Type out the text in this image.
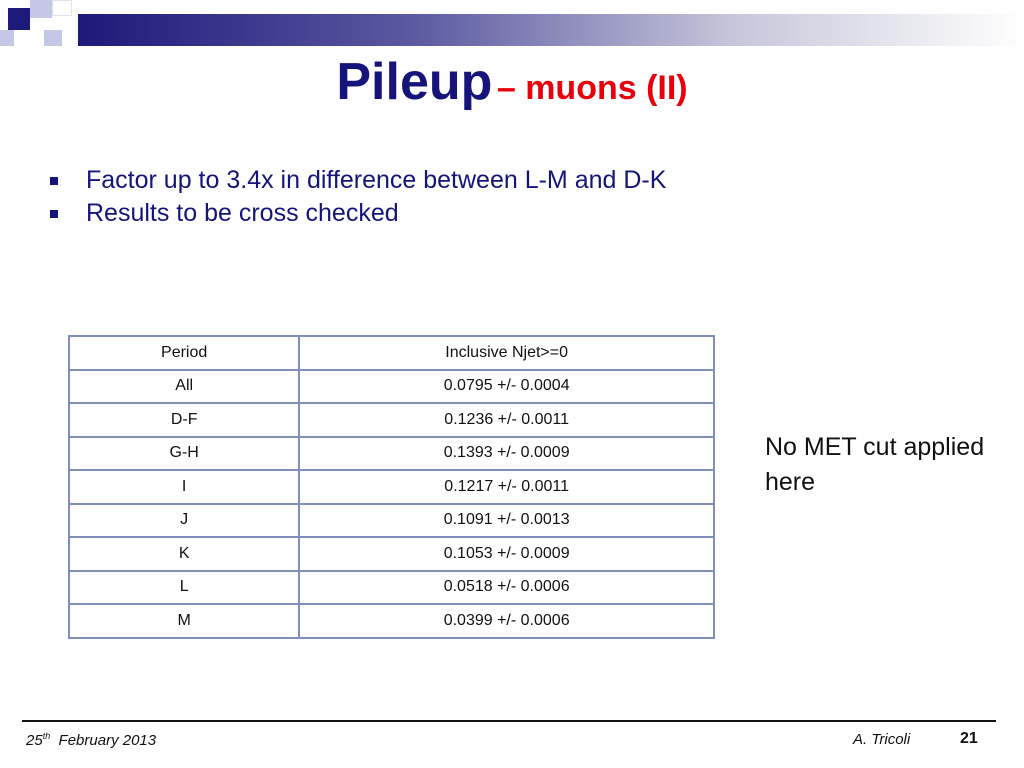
Pileup – muons (II)
Factor up to 3.4x in difference between L-M and D-K
Results to be cross checked
Period	Inclusive Njet>=0
All	0.0795 +/- 0.0004
D-F	0.1236 +/- 0.0011
G-H	0.1393 +/- 0.0009
I	0.1217 +/- 0.0011
J	0.1091 +/- 0.0013
K	0.1053 +/- 0.0009
L	0.0518 +/- 0.0006
M	0.0399 +/- 0.0006
No MET cut applied here
25th February 2013	A. Tricoli	21
